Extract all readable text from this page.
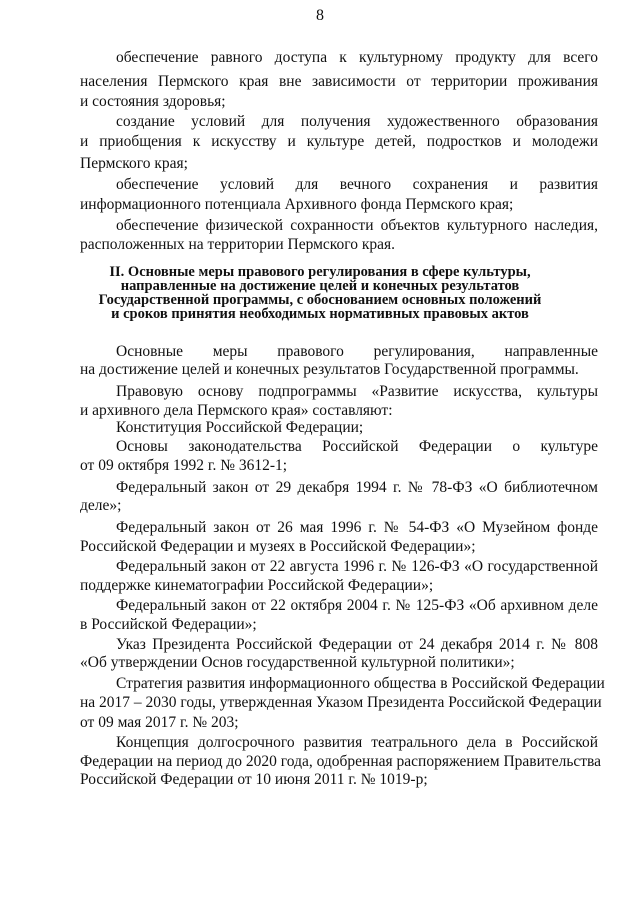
8
обеспечение равного доступа к культурному продукту для всего
населения Пермского края вне зависимости от территории проживания
и состояния здоровья;
создание условий для получения художественного образования
и приобщения к искусству и культуре детей, подростков и молодежи
Пермского края;
обеспечение условий для вечного сохранения и развития
информационного потенциала Архивного фонда Пермского края;
обеспечение физической сохранности объектов культурного наследия,
расположенных на территории Пермского края.
II. Основные меры правового регулирования в сфере культуры,
направленные на достижение целей и конечных результатов
Государственной программы, с обоснованием основных положений
и сроков принятия необходимых нормативных правовых актов
Основные меры правового регулирования, направленные
на достижение целей и конечных результатов Государственной программы.
Правовую основу подпрограммы «Развитие искусства, культуры
и архивного дела Пермского края» составляют:
Конституция Российской Федерации;
Основы законодательства Российской Федерации о культуре
от 09 октября 1992 г. № 3612-1;
Федеральный закон от 29 декабря 1994 г. № 78-ФЗ «О библиотечном
деле»;
Федеральный закон от 26 мая 1996 г. № 54-ФЗ «О Музейном фонде
Российской Федерации и музеях в Российской Федерации»;
Федеральный закон от 22 августа 1996 г. № 126-ФЗ «О государственной
поддержке кинематографии Российской Федерации»;
Федеральный закон от 22 октября 2004 г. № 125-ФЗ «Об архивном деле
в Российской Федерации»;
Указ Президента Российской Федерации от 24 декабря 2014 г. № 808
«Об утверждении Основ государственной культурной политики»;
Стратегия развития информационного общества в Российской Федерации
на 2017 – 2030 годы, утвержденная Указом Президента Российской Федерации
от 09 мая 2017 г. № 203;
Концепция долгосрочного развития театрального дела в Российской
Федерации на период до 2020 года, одобренная распоряжением Правительства
Российской Федерации от 10 июня 2011 г. № 1019-р;
